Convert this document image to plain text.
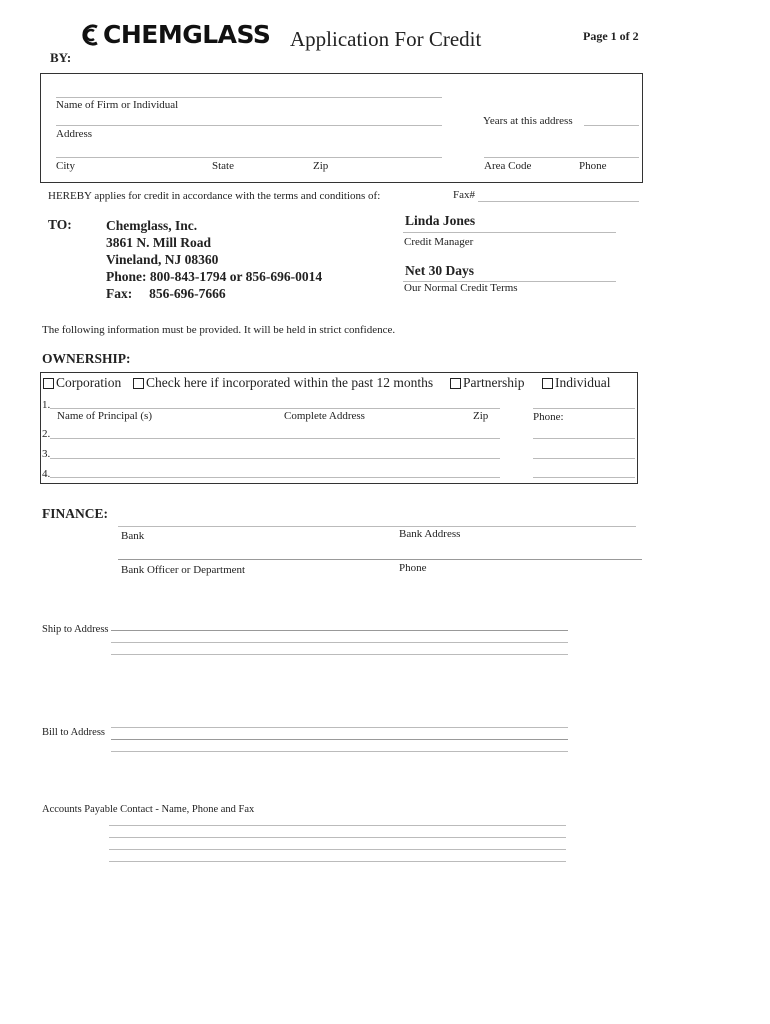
CHEMGLASS Application For Credit	Page 1 of 2
BY:
Name of Firm or Individual
Address
Years at this address
City	State	Zip	Area Code	Phone
HEREBY applies for credit in accordance with the terms and conditions of:	Fax#
TO:	Chemglass, Inc.
3861 N. Mill Road
Vineland, NJ 08360
Phone: 800-843-1794 or 856-696-0014
Fax:     856-696-7666
Linda Jones
Credit Manager
Net 30 Days
Our Normal Credit Terms
The following information must be provided. It will be held in strict confidence.
OWNERSHIP:
Corporation Check here if incorporated within the past 12 months Partnership Individual
1.
Name of Principal (s)	Complete Address	Zip	Phone:
2.
3.
4.
FINANCE:
Bank	Bank Address
Bank Officer or Department	Phone
Ship to Address
Bill to Address
Accounts Payable Contact - Name, Phone and Fax
